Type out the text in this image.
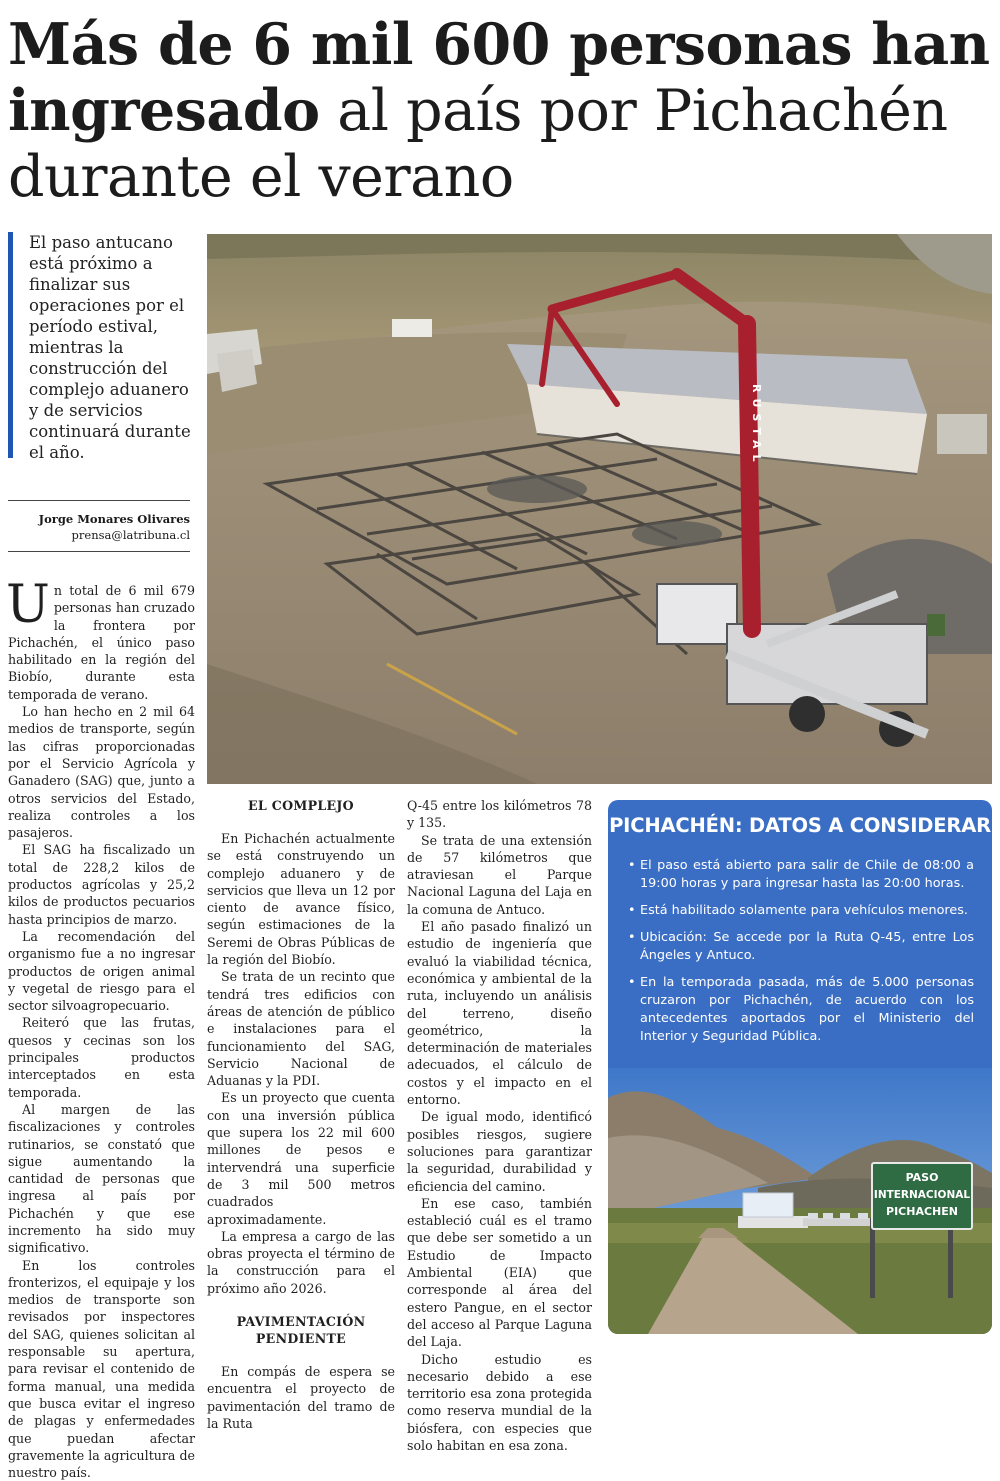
Más de 6 mil 600 personas han
ingresado al país por Pichachén
durante el verano
El paso antucano está próximo a finalizar sus operaciones por el período estival, mientras la construcción del complejo aduanero y de servicios continuará durante el año.
Jorge Monares Olivares
prensa@latribuna.cl
RUSTAL

Un total de 6 mil 679 personas han cruzado la frontera por Pichachén, el único paso habilitado en la región del Biobío, durante esta temporada de verano.

Lo han hecho en 2 mil 64 medios de transporte, según las cifras proporcionadas por el Servicio Agrícola y Ganadero (SAG) que, junto a otros servicios del Estado, realiza controles a los pasajeros.

El SAG ha fiscalizado un total de 228,2 kilos de productos agrícolas y 25,2 kilos de productos pecuarios hasta principios de marzo.

La recomendación del organismo fue a no ingresar productos de origen animal y vegetal de riesgo para el sector silvoagropecuario.

Reiteró que las frutas, quesos y cecinas son los principales productos interceptados en esta temporada.

Al margen de las fiscalizaciones y controles rutinarios, se constató que sigue aumentando la cantidad de personas que ingresa al país por Pichachén y que ese incremento ha sido muy significativo.

En los controles fronterizos, el equipaje y los medios de transporte son revisados por inspectores del SAG, quienes solicitan al responsable su apertura, para revisar el contenido de forma manual, una medida que busca evitar el ingreso de plagas y enfermedades que puedan afectar gravemente la agricultura de nuestro país.

EL COMPLEJO

En Pichachén actualmente se está construyendo un complejo aduanero y de servicios que lleva un 12 por ciento de avance físico, según estimaciones de la Seremi de Obras Públicas de la región del Biobío.

Se trata de un recinto que tendrá tres edificios con áreas de atención de público e instalaciones para el funcionamiento del SAG, Servicio Nacional de Aduanas y la PDI.

Es un proyecto que cuenta con una inversión pública que supera los 22 mil 600 millones de pesos e intervendrá una superficie de 3 mil 500 metros cuadrados aproximadamente.

La empresa a cargo de las obras proyecta el término de la construcción para el próximo año 2026.

PAVIMENTACIÓN PENDIENTE

En compás de espera se encuentra el proyecto de pavimentación del tramo de la Ruta

Q-45 entre los kilómetros 78 y 135.

Se trata de una extensión de 57 kilómetros que atraviesan el Parque Nacional Laguna del Laja en la comuna de Antuco.

El año pasado finalizó un estudio de ingeniería que evaluó la viabilidad técnica, económica y ambiental de la ruta, incluyendo un análisis del terreno, diseño geométrico, la determinación de materiales adecuados, el cálculo de costos y el impacto en el entorno.

De igual modo, identificó posibles riesgos, sugiere soluciones para garantizar la seguridad, durabilidad y eficiencia del camino.

En ese caso, también estableció cuál es el tramo que debe ser sometido a un Estudio de Impacto Ambiental (EIA) que corresponde al área del estero Pangue, en el sector del acceso al Parque Laguna del Laja.

Dicho estudio es necesario debido a ese territorio esa zona protegida como reserva mundial de la biósfera, con especies que solo habitan en esa zona.

PICHACHÉN: DATOS A CONSIDERAR
• El paso está abierto para salir de Chile de 08:00 a 19:00 horas y para ingresar hasta las 20:00 horas.
• Está habilitado solamente para vehículos menores.
• Ubicación: Se accede por la Ruta Q-45, entre Los Ángeles y Antuco.
• En la temporada pasada, más de 5.000 personas cruzaron por Pichachén, de acuerdo con los antecedentes aportados por el Ministerio del Interior y Seguridad Pública.
PASO
INTERNACIONAL
PICHACHEN
